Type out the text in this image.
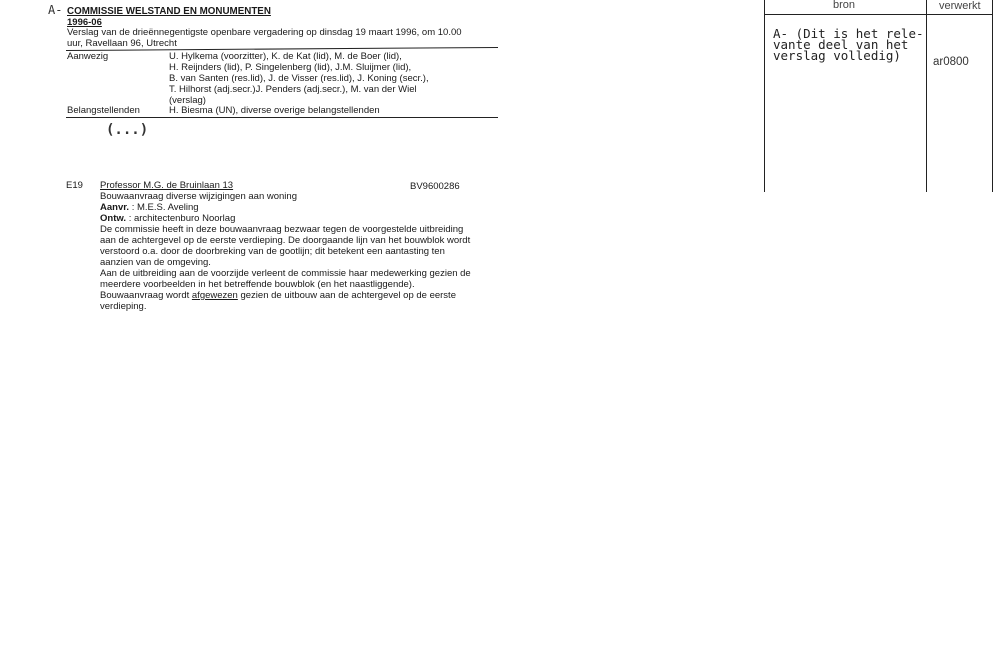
A- COMMISSIE WELSTAND EN MONUMENTEN
1996-06
Verslag van de drieënnegentigste openbare vergadering op dinsdag 19 maart 1996, om 10.00
uur, Ravellaan 96, Utrecht
Aanwezig	U. Hylkema (voorzitter), K. de Kat (lid), M. de Boer (lid),
H. Reijnders (lid), P. Singelenberg (lid), J.M. Sluijmer (lid),
B. van Santen (res.lid), J. de Visser (res.lid), J. Koning (secr.),
T. Hilhorst (adj.secr.)J. Penders (adj.secr.), M. van der Wiel
(verslag)
Belangstellenden	H. Biesma (UN), diverse overige belangstellenden
(...)
E19 Professor M.G. de Bruinlaan 13	BV9600286
Bouwaanvraag diverse wijzigingen aan woning
Aanvr. : M.E.S. Aveling
Ontw. : architectenburo Noorlag
De commissie heeft in deze bouwaanvraag bezwaar tegen de voorgestelde uitbreiding
aan de achtergevel op de eerste verdieping. De doorgaande lijn van het bouwblok wordt
verstoord o.a. door de doorbreking van de gootlijn; dit betekent een aantasting ten
aanzien van de omgeving.
Aan de uitbreiding aan de voorzijde verleent de commissie haar medewerking gezien de
meerdere voorbeelden in het betreffende bouwblok (en het naastliggende).
Bouwaanvraag wordt afgewezen gezien de uitbouw aan de achtergevel op de eerste
verdieping.
bron	verwerkt
A- (Dit is het rele-
vante deel van het
verslag volledig)	ar0800
